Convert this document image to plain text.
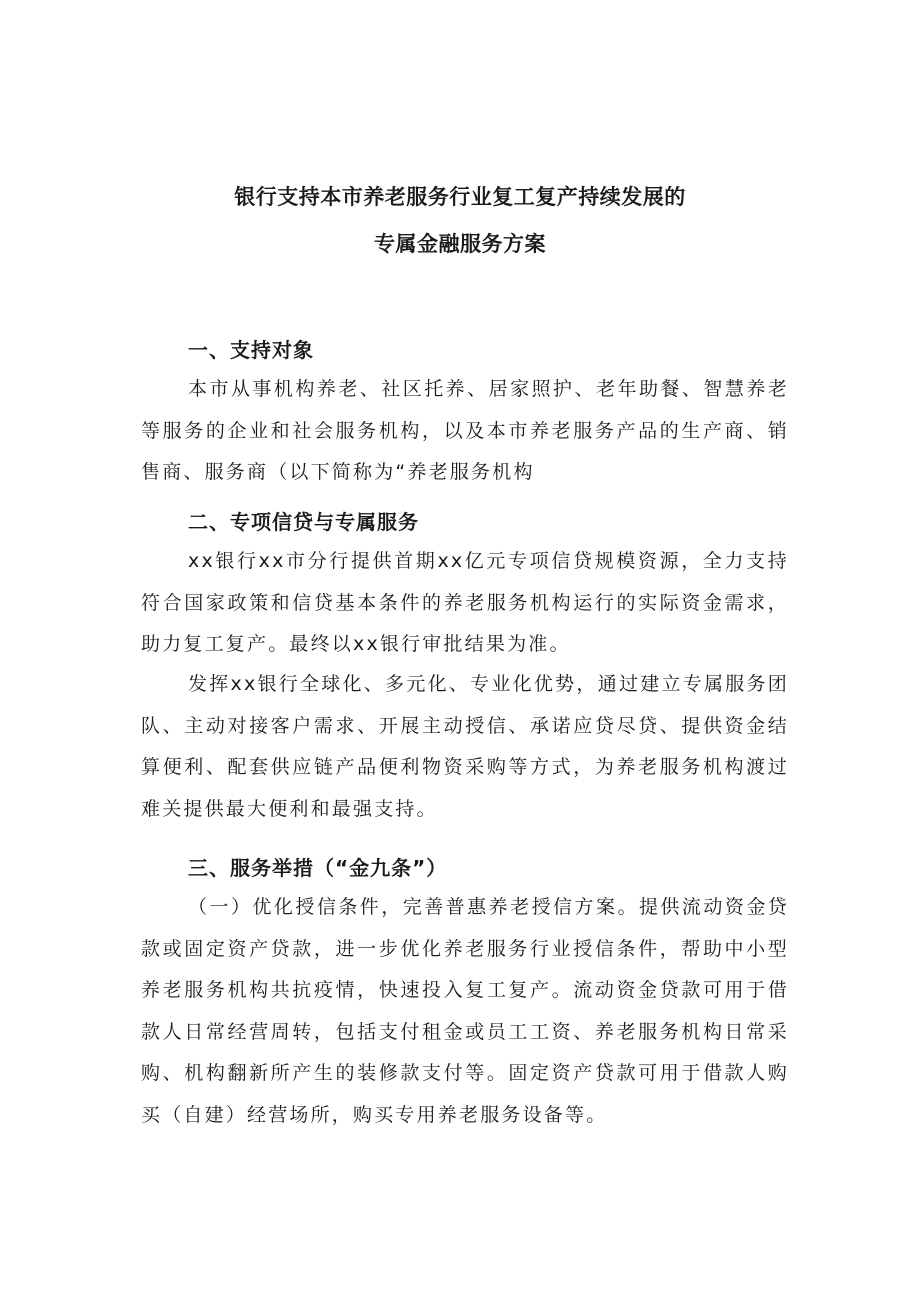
银行支持本市养老服务行业复工复产持续发展的
专属金融服务方案
一、支持对象
本市从事机构养老、社区托养、居家照护、老年助餐、智慧养老等服务的企业和社会服务机构，以及本市养老服务产品的生产商、销售商、服务商（以下简称为“养老服务机构
二、专项信贷与专属服务
xx银行xx市分行提供首期xx亿元专项信贷规模资源，全力支持符合国家政策和信贷基本条件的养老服务机构运行的实际资金需求，助力复工复产。最终以xx银行审批结果为准。
发挥xx银行全球化、多元化、专业化优势，通过建立专属服务团队、主动对接客户需求、开展主动授信、承诺应贷尽贷、提供资金结算便利、配套供应链产品便利物资采购等方式，为养老服务机构渡过难关提供最大便利和最强支持。
三、服务举措（“金九条”）
（一）优化授信条件，完善普惠养老授信方案。提供流动资金贷款或固定资产贷款，进一步优化养老服务行业授信条件，帮助中小型养老服务机构共抗疫情，快速投入复工复产。流动资金贷款可用于借款人日常经营周转，包括支付租金或员工工资、养老服务机构日常采购、机构翻新所产生的装修款支付等。固定资产贷款可用于借款人购买（自建）经营场所，购买专用养老服务设备等。
